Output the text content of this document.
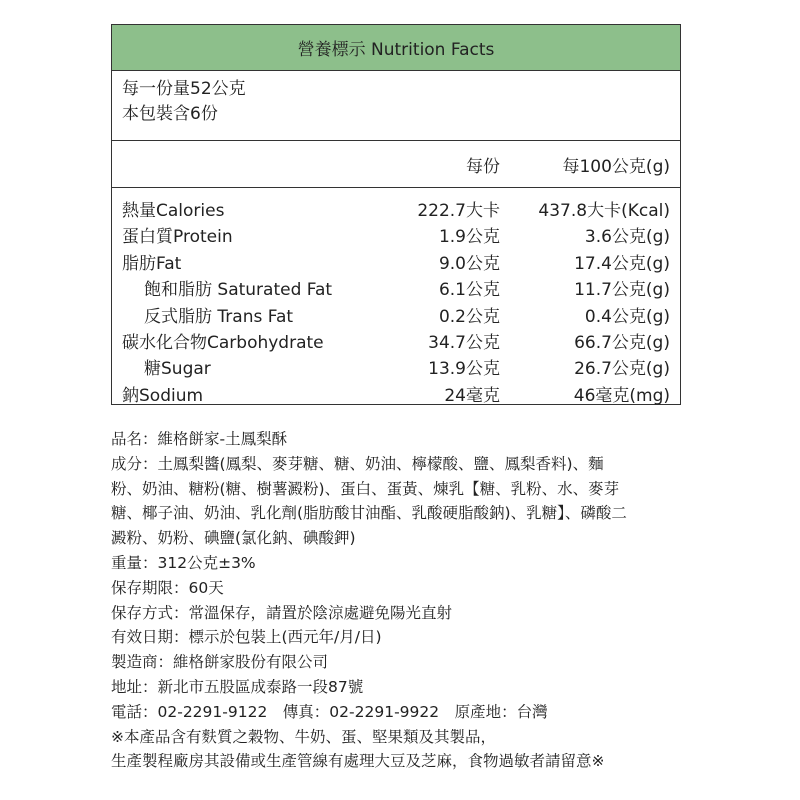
營養標示 Nutrition Facts
每一份量52公克
本包裝含6份
每份	每100公克(g)
熱量Calories	222.7大卡 437.8大卡(Kcal)
蛋白質Protein	1.9公克	3.6公克(g)
脂肪Fat	9.0公克	17.4公克(g)
飽和脂肪 Saturated Fat	6.1公克	11.7公克(g)
反式脂肪 Trans Fat	0.2公克	0.4公克(g)
碳水化合物Carbohydrate	34.7公克	66.7公克(g)
糖Sugar	13.9公克	26.7公克(g)
鈉Sodium	24毫克	46毫克(mg)
品名：維格餅家-土鳳梨酥
成分：土鳳梨醬(鳳梨、麥芽糖、糖、奶油、檸檬酸、鹽、鳳梨香料)、麵
粉、奶油、糖粉(糖、樹薯澱粉)、蛋白、蛋黃、煉乳【糖、乳粉、水、麥芽
糖、椰子油、奶油、乳化劑(脂肪酸甘油酯、乳酸硬脂酸鈉)、乳糖】、磷酸二
澱粉、奶粉、碘鹽(氯化鈉、碘酸鉀)
重量：312公克±3%
保存期限：60天
保存方式：常溫保存，請置於陰涼處避免陽光直射
有效日期：標示於包裝上(西元年/月/日)
製造商：維格餅家股份有限公司
地址：新北市五股區成泰路一段87號
電話：02-2291-9122　傳真：02-2291-9922　原產地：台灣
※本產品含有麩質之穀物、牛奶、蛋、堅果類及其製品，
生產製程廠房其設備或生產管線有處理大豆及芝麻，食物過敏者請留意※
